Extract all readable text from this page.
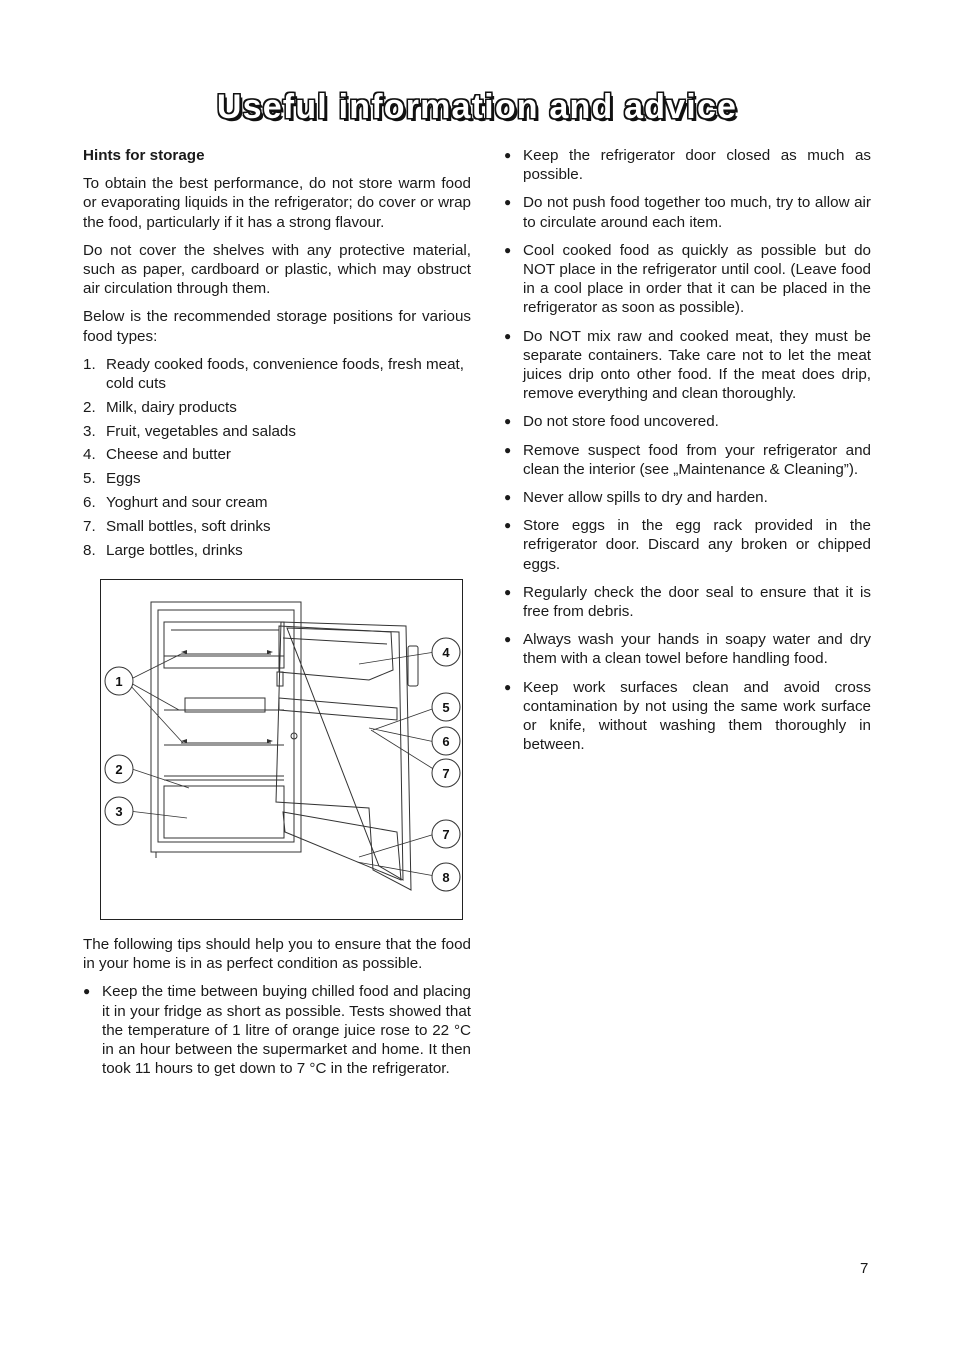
Useful information and advice
Hints for storage

To obtain the best performance, do not store warm food or evaporating liquids in the refrigerator; do cover or wrap the food, particularly if it has a strong flavour.

Do not cover the shelves with any protective material, such as paper, cardboard or plastic, which may obstruct air circulation through them.

Below is the recommended storage positions for various food types:

1. Ready cooked foods, convenience foods, fresh meat, cold cuts
2. Milk, dairy products
3. Fruit, vegetables and salads
4. Cheese and butter
5. Eggs
6. Yoghurt and sour cream
7. Small bottles, soft drinks
8. Large bottles, drinks
1
2
3
4
5
6
7
7
8

The following tips should help you to ensure that the food in your home is in as perfect condition as possible.

● Keep the time between buying chilled food and placing it in your fridge as short as possible. Tests showed that the temperature of 1 litre of orange juice rose to 22 °C in an hour between the supermarket and home. It then took 11 hours to get down to 7 °C in the refrigerator.
● Keep the refrigerator door closed as much as possible.
● Do not push food together too much, try to allow air to circulate around each item.
● Cool cooked food as quickly as possible but do NOT place in the refrigerator until cool. (Leave food in a cool place in order that it can be placed in the refrigerator as soon as possible).
● Do NOT mix raw and cooked meat, they must be separate containers. Take care not to let the meat juices drip onto other food. If the meat does drip, remove everything and clean thoroughly.
● Do not store food uncovered.
● Remove suspect food from your refrigerator and clean the interior (see „Maintenance & Cleaning”).
● Never allow spills to dry and harden.
● Store eggs in the egg rack provided in the refrigerator door. Discard any broken or chipped eggs.
● Regularly check the door seal to ensure that it is free from debris.
● Always wash your hands in soapy water and dry them with a clean towel before handling food.
● Keep work surfaces clean and avoid cross contamination by not using the same work surface or knife, without washing them thoroughly in between.
7
